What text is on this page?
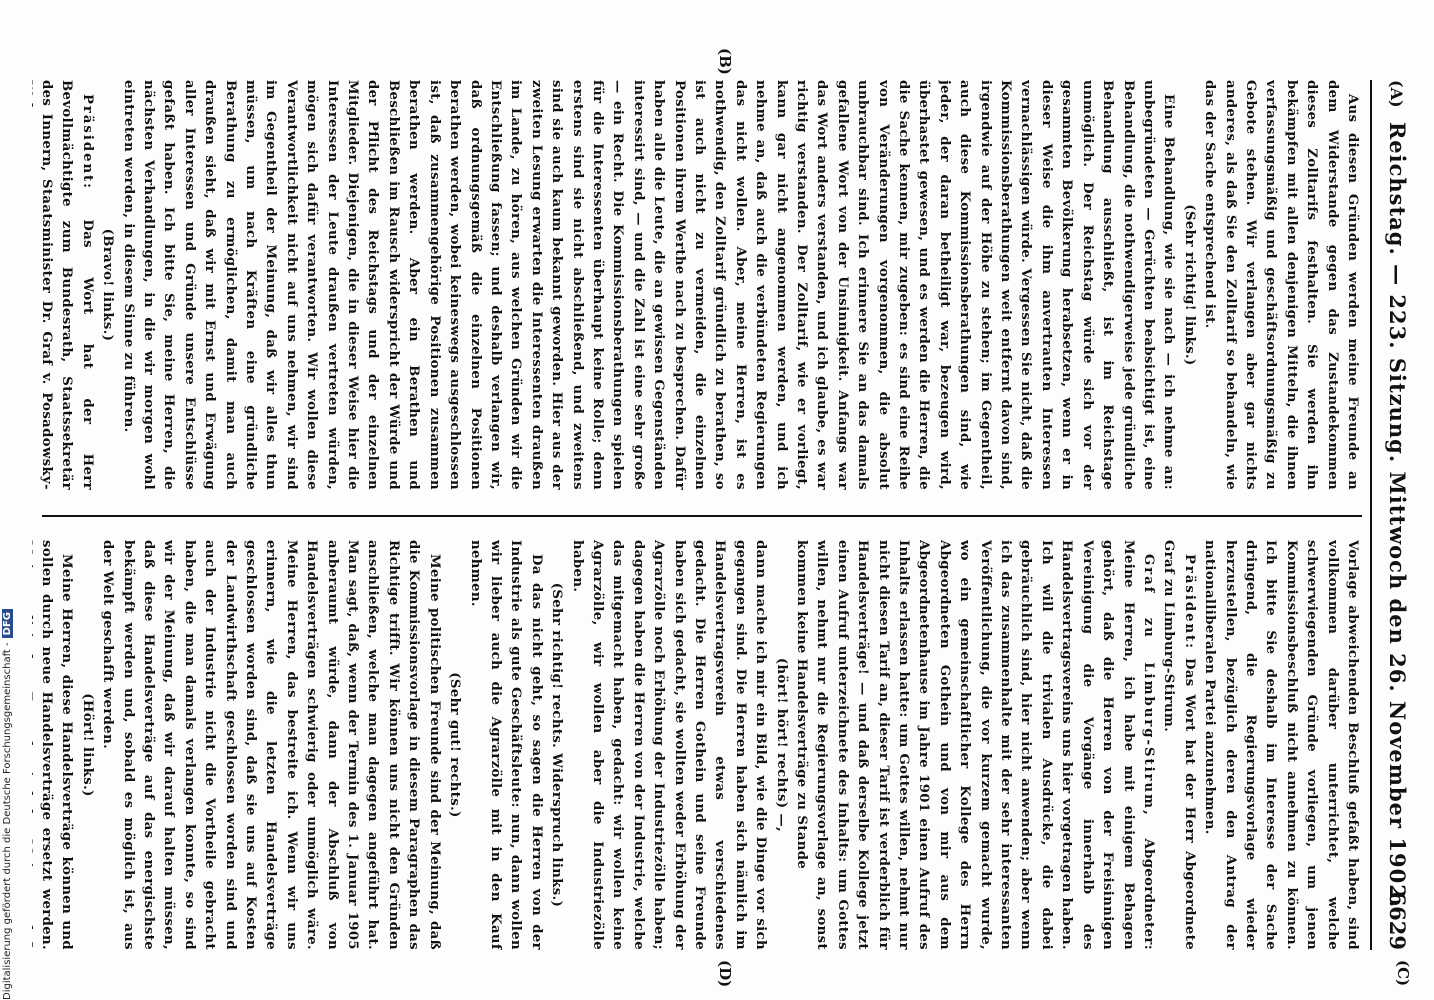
(A)
Reichstag. — 223. Sitzung. Mittwoch den 26. November 1902.
6629
(B)
(C)
(D)

Aus diesen Gründen werden meine Freunde an dem Widerstande gegen das Zustandekommen dieses Zolltarifs festhalten. Sie werden ihn bekämpfen mit allen denjenigen Mitteln, die ihnen verfassungsmäßig und geschäftsordnungsmäßig zu Gebote stehen. Wir verlangen aber gar nichts anderes, als daß Sie den Zolltarif so behandeln, wie das der Sache entsprechend ist.

(Sehr richtig! links.)

Eine Behandlung, wie sie nach — ich nehme an: unbegründeten — Gerüchten beabsichtigt ist, eine Behandlung, die nothwendigerweise jede gründliche Behandlung ausschließt, ist im Reichstage unmöglich. Der Reichstag würde sich vor der gesammten Bevölkerung herabsetzen, wenn er in dieser Weise die ihm anvertrauten Interessen vernachlässigen würde. Vergessen Sie nicht, daß die Kommissionsberathungen weit entfernt davon sind, irgendwie auf der Höhe zu stehen; im Gegentheil, auch diese Kommissionsberathungen sind, wie jeder, der daran betheiligt war, bezeugen wird, überhastet gewesen, und es werden die Herren, die die Sache kennen, mir zugeben: es sind eine Reihe von Veränderungen vorgenommen, die absolut unbrauchbar sind. Ich erinnere Sie an das damals gefallene Wort von der Unsinnigkeit. Anfangs war das Wort anders verstanden, und ich glaube, es war richtig verstanden. Der Zolltarif, wie er vorliegt, kann gar nicht angenommen werden, und ich nehme an, daß auch die verbündeten Regierungen das nicht wollen. Aber, meine Herren, ist es nothwendig, den Zolltarif gründlich zu berathen, so ist auch nicht zu vermeiden, die einzelnen Positionen ihrem Werthe nach zu besprechen. Dafür haben alle die Leute, die an gewissen Gegenständen interessirt sind, — und die Zahl ist eine sehr große — ein Recht. Die Kommissionsberathungen spielen für die Interessenten überhaupt keine Rolle; denn erstens sind sie nicht abschließend, und zweitens sind sie auch kaum bekannt geworden. Hier aus der zweiten Lesung erwarten die Interessenten draußen im Lande, zu hören, aus welchen Gründen wir die Entschließung fassen; und deshalb verlangen wir, daß ordnungsgemäß die einzelnen Positionen berathen werden, wobei keineswegs ausgeschlossen ist, daß zusammengehörige Positionen zusammen berathen werden. Aber ein Berathen und Beschließen im Rausch widerspricht der Würde und der Pflicht des Reichstags und der einzelnen Mitglieder. Diejenigen, die in dieser Weise hier die Interessen der Leute draußen vertreten würden, mögen sich dafür verantworten. Wir wollen diese Verantwortlichkeit nicht auf uns nehmen, wir sind im Gegentheil der Meinung, daß wir alles thun müssen, um nach Kräften eine gründliche Berathung zu ermöglichen, damit man auch draußen sieht, daß wir mit Ernst und Erwägung aller Interessen und Gründe unsere Entschlüsse gefaßt haben. Ich bitte Sie, meine Herren, die nächsten Verhandlungen, in die wir morgen wohl eintreten werden, in diesem Sinne zu führen.

(Bravo! links.)

Präsident: Das Wort hat der Herr Bevollmächtigte zum Bundesrath, Staatssekretär des Innern, Staatsminister Dr. Graf v. Posadowsky-

Vorlage abweichenden Beschluß gefaßt haben, sind vollkommen darüber unterrichtet, welche schwerwiegenden Gründe vorliegen, um jenen Kommissionsbeschluß nicht annehmen zu können. Ich bitte Sie deshalb im Interesse der Sache dringend, die Regierungsvorlage wieder herzustellen, bezüglich deren den Antrag der nationalliberalen Partei anzunehmen.

Präsident: Das Wort hat der Herr Abgeordnete Graf zu Limburg-Stirum.

Graf zu Limburg-Stirum, Abgeordneter: Meine Herren, ich habe mit einigem Behagen gehört, daß die Herren von der Freisinnigen Vereinigung die Vorgänge innerhalb des Handelsvertragsvereins uns hier vorgetragen haben. Ich will die trivialen Ausdrücke, die dabei gebräuchlich sind, hier nicht anwenden; aber wenn ich das zusammenhalte mit der sehr interessanten Veröffentlichung, die vor kurzem gemacht wurde, wo ein gemeinschaftlicher Kollege des Herrn Abgeordneten Gothein und von mir aus dem Abgeordnetenhause im Jahre 1901 einen Aufruf des Inhalts erlassen hatte: um Gottes willen, nehmt nur nicht diesen Tarif an, dieser Tarif ist verderblich für Handelsverträge! — und daß derselbe Kollege jetzt einen Aufruf unterzeichnete des Inhalts: um Gottes willen, nehmt nur die Regierungsvorlage an, sonst kommen keine Handelsverträge zu Stande

(hört! hört! rechts) —,

dann mache ich mir ein Bild, wie die Dinge vor sich gegangen sind. Die Herren haben sich nämlich im Handelsvertragsverein etwas verschiedenes gedacht. Die Herren Gothein und seine Freunde haben sich gedacht, sie wollten weder Erhöhung der Agrarzölle noch Erhöhung der Industriezölle haben; dagegen haben die Herren von der Industrie, welche das mitgemacht haben, gedacht: wir wollen keine Agrarzölle, wir wollen aber die Industriezölle haben.

(Sehr richtig! rechts. Widerspruch links.)

Da das nicht geht, so sagen die Herren von der Industrie als gute Geschäftsleute: nun, dann wollen wir lieber auch die Agrarzölle mit in den Kauf nehmen.

(Sehr gut! rechts.)

Meine politischen Freunde sind der Meinung, daß die Kommissionsvorlage in diesem Paragraphen das Richtige trifft. Wir können uns nicht den Gründen anschließen, welche man dagegen angeführt hat. Man sagt, daß, wenn der Termin des 1. Januar 1905 anberaumt würde, dann der Abschluß von Handelsverträgen schwierig oder unmöglich wäre. Meine Herren, das bestreite ich. Wenn wir uns erinnern, wie die letzten Handelsverträge geschlossen worden sind, daß sie uns auf Kosten der Landwirthschaft geschlossen worden sind und auch der Industrie nicht die Vortheile gebracht haben, die man damals verlangen konnte, so sind wir der Meinung, daß wir darauf halten müssen, daß diese Handelsverträge auf das energischste bekämpft werden und, sobald es möglich ist, aus der Welt geschafft werden.

(Hört! links.)

Meine Herren, diese Handelsverträge können und sollen durch neue Handelsverträge ersetzt werden.

Digitalisierung gefördert durch die Deutsche Forschungsgemeinschaft -DFG
